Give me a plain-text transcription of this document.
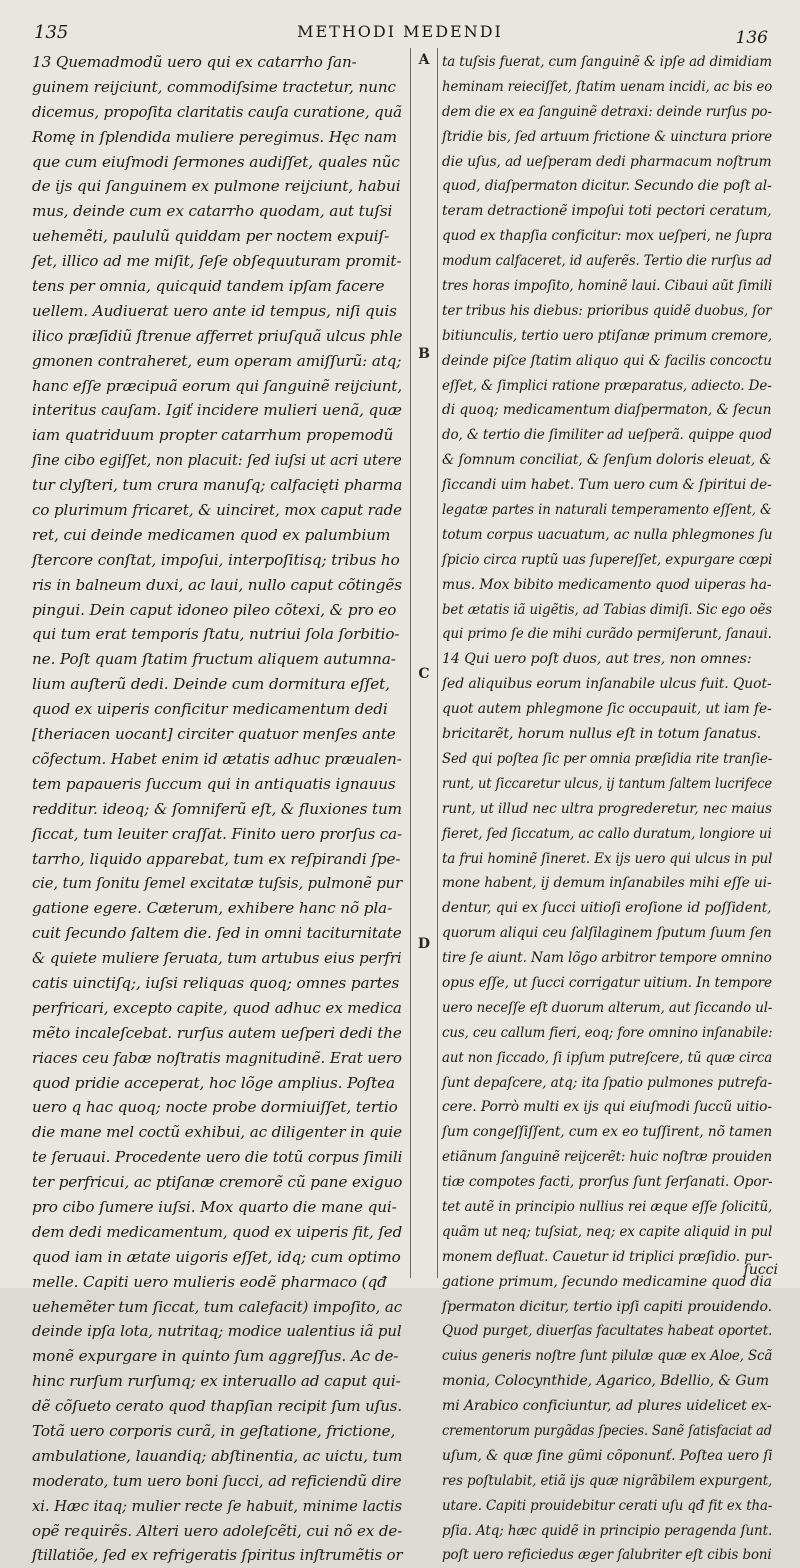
135	METHODI MEDENDI	136
13 Quemadmodũ uero qui ex catarrho ſan-
guinem reijciunt, commodiſsime tractetur, nunc
dicemus, propoſita claritatis cauſa curatione, quã
Romę in ſplendida muliere peregimus. Hęc nam
que cum eiuſmodi ſermones audiſſet, quales nũc
de ijs qui ſanguinem ex pulmone reijciunt, habui
mus, deinde cum ex catarrho quodam, aut tuſsi
uehemẽti, paululũ quiddam per noctem expuiſ-
ſet, illico ad me miſit, ſeſe obſequuturam promit-
tens per omnia, quicquid tandem ipſam facere
uellem. Audiuerat uero ante id tempus, niſi quis
ilico præſidiũ ſtrenue afferret priuſquã ulcus phle
gmonen contraheret, eum operam amiſſurũ: atq;
hanc eſſe præcipuã eorum qui ſanguinẽ reijciunt,
interitus cauſam. Igiť incidere mulieri uenã, quæ
iam quatriduum propter catarrhum propemodũ
ſine cibo egiſſet, non placuit: ſed iuſsi ut acri utere
tur clyſteri, tum crura manuſq; calfacięti pharma
co plurimum fricaret, & uinciret, mox caput rade
ret, cui deinde medicamen quod ex palumbium
ſtercore conſtat, impoſui, interpoſitisq; tribus ho
ris in balneum duxi, ac laui, nullo caput cõtingẽs
pingui. Dein caput idoneo pileo cõtexi, & pro eo
qui tum erat temporis ſtatu, nutriui ſola ſorbitio-
ne. Poſt quam ſtatim fructum aliquem autumna-
lium auſterũ dedi. Deinde cum dormitura eſſet,
quod ex uiperis conficitur medicamentum dedi
[theriacen uocant] circiter quatuor menſes ante
cõfectum. Habet enim id ætatis adhuc præualen-
tem papaueris ſuccum qui in antiquatis ignauus
redditur. ideoq; & ſomniferũ eſt, & fluxiones tum
ſiccat, tum leuiter craſſat. Finito uero prorſus ca-
tarrho, liquido apparebat, tum ex reſpirandi ſpe-
cie, tum ſonitu ſemel excitatæ tuſsis, pulmonẽ pur
gatione egere. Cæterum, exhibere hanc nõ pla-
cuit ſecundo ſaltem die. ſed in omni taciturnitate
& quiete muliere ſeruata, tum artubus eius perfri
catis uinctiſq;, iuſsi reliquas quoq; omnes partes
perfricari, excepto capite, quod adhuc ex medica
mẽto incaleſcebat. rurſus autem ueſperi dedi the
riaces ceu fabæ noſtratis magnitudinẽ. Erat uero
quod pridie acceperat, hoc lõge amplius. Poſtea
uero q hac quoq; nocte probe dormiuiſſet, tertio
die mane mel coctũ exhibui, ac diligenter in quie
te ſeruaui. Procedente uero die totũ corpus ſimili
ter perfricui, ac ptiſanæ cremorẽ cũ pane exiguo
pro cibo ſumere iuſsi. Mox quarto die mane qui-
dem dedi medicamentum, quod ex uiperis fit, ſed
quod iam in ætate uigoris eſſet, idq; cum optimo
melle. Capiti uero mulieris eodẽ pharmaco (qđ
uehemẽter tum ſiccat, tum calefacit) impoſito, ac
deinde ipſa lota, nutritaq; modice ualentius iã pul
monẽ expurgare in quinto ſum aggreſſus. Ac de-
hinc rurſum rurſumq; ex interuallo ad caput qui-
dẽ cõſueto cerato quod thapſian recipit ſum uſus.
Totã uero corporis curã, in geſtatione, frictione,
ambulatione, lauandiq; abſtinentia, ac uictu, tum
moderato, tum uero boni ſucci, ad reficiendũ dire
xi. Hæc itaq; mulier recte ſe habuit, minime lactis
opẽ requirẽs. Alteri uero adoleſcẽti, cui nõ ex de-
ſtillatiõe, ſed ex refrigeratis ſpiritus inſtrumẽtis or
A
B
C
D
ta tuſsis fuerat, cum ſanguinẽ & ipſe ad dimidiam
heminam reieciſſet, ſtatim uenam incidi, ac bis eo
dem die ex ea ſanguinẽ detraxi: deinde rurſus po-
ſtridie bis, ſed artuum frictione & uinctura priore
die uſus, ad ueſperam dedi pharmacum noſtrum
quod, diaſpermaton dicitur. Secundo die poſt al-
teram detractionẽ impoſui toti pectori ceratum,
quod ex thapſia conficitur: mox ueſperi, ne ſupra
modum calfaceret, id auferẽs. Tertio die rurſus ad
tres horas impoſito, hominẽ laui. Cibaui aũt ſimili
ter tribus his diebus: prioribus quidẽ duobus, ſor
bitiunculis, tertio uero ptiſanæ primum cremore,
deinde piſce ſtatim aliquo qui & facilis concoctu
eſſet, & ſimplici ratione præparatus, adiecto. De-
di quoq; medicamentum diaſpermaton, & ſecun
do, & tertio die ſimiliter ad ueſperã. quippe quod
& ſomnum conciliat, & ſenſum doloris eleuat, &
ſiccandi uim habet. Tum uero cum & ſpiritui de-
legatæ partes in naturali temperamento eſſent, &
totum corpus uacuatum, ac nulla phlegmones ſu
ſpicio circa ruptũ uas ſupereſſet, expurgare cœpi
mus. Mox bibito medicamento quod uiperas ha-
bet ætatis iã uigẽtis, ad Tabias dimiſi. Sic ego oẽs
qui primo ſe die mihi curãdo permiſerunt, ſanaui.
14 Qui uero poſt duos, aut tres, non omnes:
ſed aliquibus eorum inſanabile ulcus fuit. Quot-
quot autem phlegmone ſic occupauit, ut iam fe-
bricitarẽt, horum nullus eſt in totum ſanatus.
Sed qui poſtea ſic per omnia præſidia rite tranſie-
runt, ut ſiccaretur ulcus, ij tantum ſaltem lucrifece
runt, ut illud nec ultra progrederetur, nec maius
fieret, ſed ſiccatum, ac callo duratum, longiore ui
ta frui hominẽ ſineret. Ex ijs uero qui ulcus in pul
mone habent, ij demum inſanabiles mihi eſſe ui-
dentur, qui ex ſucci uitioſi eroſione id poſſident,
quorum aliqui ceu ſalſilaginem ſputum ſuum ſen
tire ſe aiunt. Nam lõgo arbitror tempore omnino
opus eſſe, ut ſucci corrigatur uitium. In tempore
uero neceſſe eſt duorum alterum, aut ſiccando ul-
cus, ceu callum fieri, eoq; fore omnino inſanabile:
aut non ſiccado, ſi ipſum putreſcere, tũ quæ circa
ſunt depaſcere, atq; ita ſpatio pulmones putrefa-
cere. Porrò multi ex ijs qui eiuſmodi ſuccũ uitio-
ſum congeſſiſſent, cum ex eo tuſſirent, nõ tamen
etiãnum ſanguinẽ reijcerẽt: huic noſtræ prouiden
tiæ compotes facti, prorſus ſunt ſerſanati. Opor-
tet autẽ in principio nullius rei æque eſſe ſolicitũ,
quãm ut neq; tuſsiat, neq; ex capite aliquid in pul
monem defluat. Cauetur id triplici præſidio. pur-
gatione primum, ſecundo medicamine quod dia
ſpermaton dicitur, tertio ipſi capiti prouidendo.
Quod purget, diuerſas facultates habeat oportet.
cuius generis noſtre ſunt pilulæ quæ ex Aloe, Scã
monia, Colocynthide, Agarico, Bdellio, & Gum
mi Arabico conficiuntur, ad plures uidelicet ex-
crementorum purgãdas ſpecies. Sanẽ ſatisfaciat ad
uſum, & quæ ſine gũmi cõponunť. Poſtea uero ſi
res poſtulabit, etiã ijs quæ nigrãbilem expurgent,
utare. Capiti prouidebitur cerati uſu qđ fit ex tha-
pſia. Atq; hæc quidẽ in principio peragenda ſunt.
poſt uero reficiedus æger ſalubriter eſt cibis boni
ſucci
